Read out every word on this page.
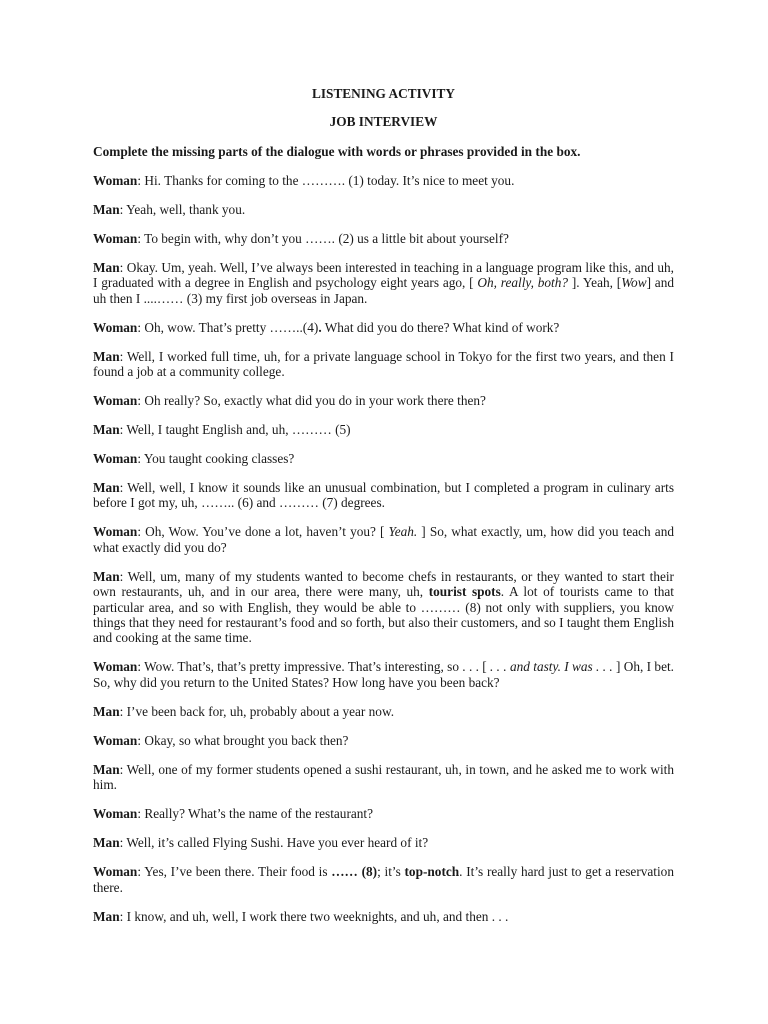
LISTENING ACTIVITY

JOB INTERVIEW

Complete the missing parts of the dialogue with words or phrases provided in the box.
Woman: Hi. Thanks for coming to the ………. (1) today. It’s nice to meet you.
Man: Yeah, well, thank you.
Woman: To begin with, why don’t you ……. (2) us a little bit about yourself?
Man: Okay. Um, yeah. Well, I’ve always been interested in teaching in a language program like this, and uh, I graduated with a degree in English and psychology eight years ago, [ Oh, really, both? ]. Yeah, [Wow] and uh then I ....…… (3) my first job overseas in Japan.
Woman: Oh, wow. That’s pretty ……..(4). What did you do there? What kind of work?
Man: Well, I worked full time, uh, for a private language school in Tokyo for the first two years, and then I found a job at a community college.
Woman: Oh really? So, exactly what did you do in your work there then?
Man: Well, I taught English and, uh, ……… (5)
Woman: You taught cooking classes?
Man: Well, well, I know it sounds like an unusual combination, but I completed a program in culinary arts before I got my, uh, …….. (6) and ……… (7) degrees.
Woman: Oh, Wow. You’ve done a lot, haven’t you? [ Yeah. ] So, what exactly, um, how did you teach and what exactly did you do?
Man: Well, um, many of my students wanted to become chefs in restaurants, or they wanted to start their own restaurants, uh, and in our area, there were many, uh, tourist spots. A lot of tourists came to that particular area, and so with English, they would be able to ……… (8) not only with suppliers, you know things that they need for restaurant’s food and so forth, but also their customers, and so I taught them English and cooking at the same time.
Woman: Wow. That’s, that’s pretty impressive. That’s interesting, so . . . [ . . . and tasty. I was . . . ] Oh, I bet. So, why did you return to the United States? How long have you been back?
Man: I’ve been back for, uh, probably about a year now.
Woman: Okay, so what brought you back then?
Man: Well, one of my former students opened a sushi restaurant, uh, in town, and he asked me to work with him.
Woman: Really? What’s the name of the restaurant?
Man: Well, it’s called Flying Sushi. Have you ever heard of it?
Woman: Yes, I’ve been there. Their food is …… (8); it’s top-notch. It’s really hard just to get a reservation there.
Man: I know, and uh, well, I work there two weeknights, and uh, and then . . .
